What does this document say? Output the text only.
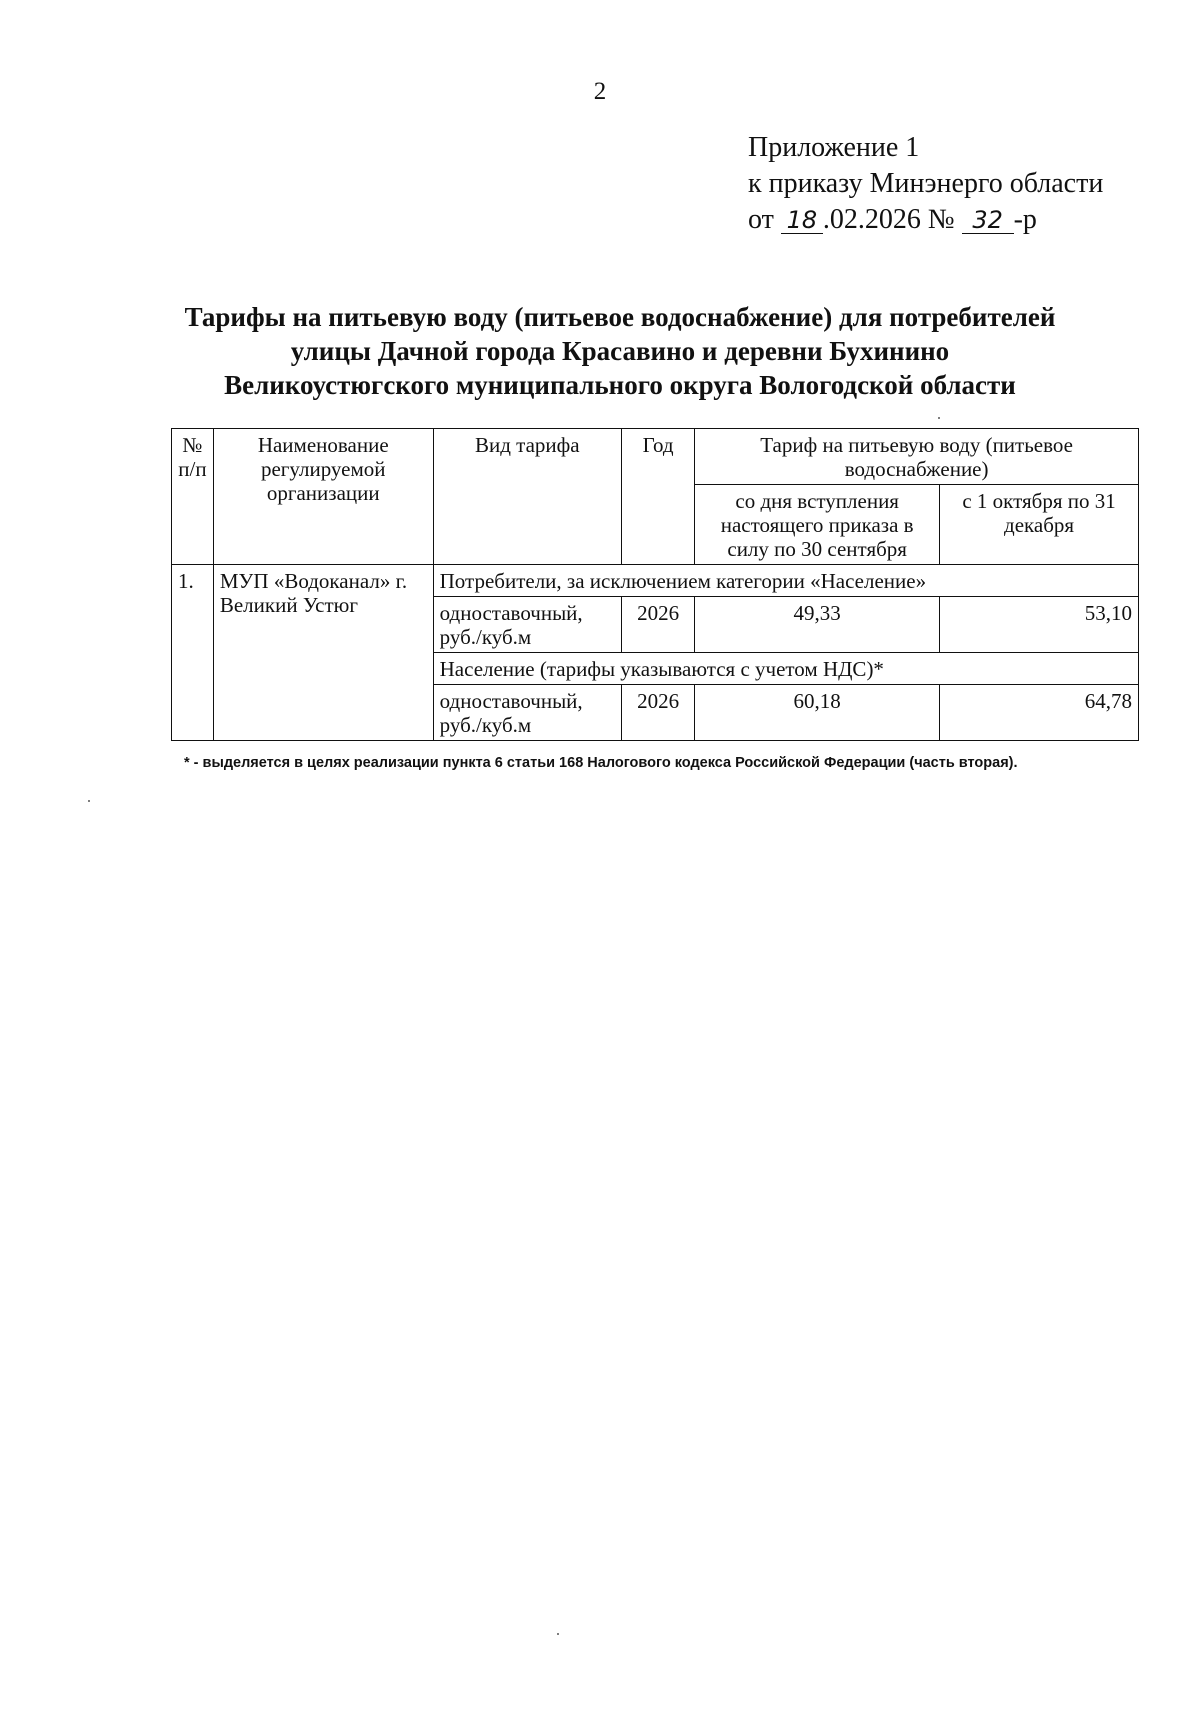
2
Приложение 1
к приказу Минэнерго области
от 18 .02.2026 № 32 -р
Тарифы на питьевую воду (питьевое водоснабжение) для потребителей
улицы Дачной города Красавино и деревни Бухинино
Великоустюгского муниципального округа Вологодской области
№ п/п	Наименование регулируемой организации	Вид тарифа	Год	Тариф на питьевую воду (питьевое водоснабжение)	
				со дня вступления настоящего приказа в силу по 30 сентября	с 1 октября по 31 декабря
1.	МУП «Водоканал» г. Великий Устюг	Потребители, за исключением категории «Население»			
		одноставочный, руб./куб.м	2026	49,33	53,10
		Население (тарифы указываются с учетом НДС)*			
		одноставочный, руб./куб.м	2026	60,18	64,78
* - выделяется в целях реализации пункта 6 статьи 168 Налогового кодекса Российской Федерации (часть вторая).
